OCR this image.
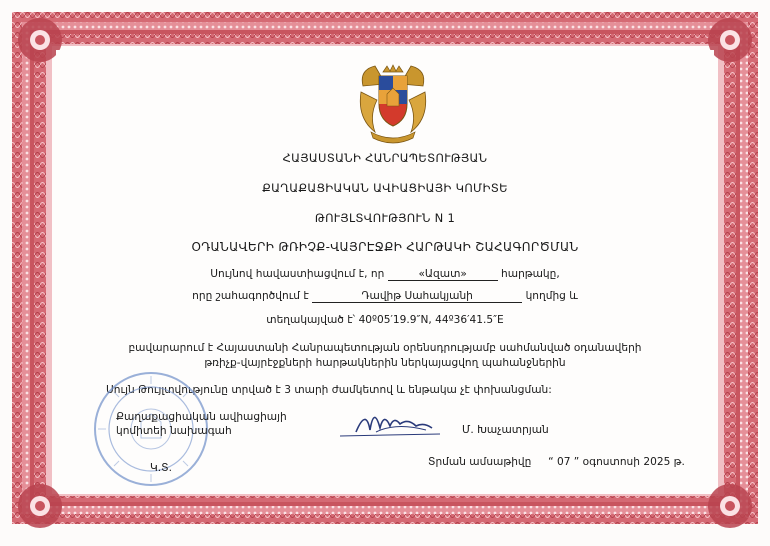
ՀԱՅԱՍՏԱՆԻ ՀԱՆՐԱՊԵՏՈՒԹՅԱՆ
ՔԱՂԱՔԱՑԻԱԿԱՆ ԱՎԻԱՑԻԱՅԻ ԿՈՄԻՏԵ
ԹՈՒՅԼՏՎՈՒԹՅՈՒՆ N 1
ՕԴԱՆԱՎԵՐԻ ԹՌԻՉՔ-ՎԱՅՐԷՋՔԻ ՀԱՐԹԱԿԻ ՇԱՀԱԳՈՐԾՄԱՆ
Սույնով հավաստիացվում է, որ	«Ազատ»	հարթակը,
որը շահագործվում է	Դավիթ Սահակյանի	կողմից և
տեղակայված է՝ 40º05′19.9″N, 44º36′41.5″E
բավարարում է Հայաստանի Հանրապետության օրենսդրությամբ սահմանված օդանավերի
թռիչք-վայրէջքների հարթակներին ներկայացվող պահանջներին
Սույն Թույլտվությունը տրված է 3 տարի ժամկետով և ենթակա չէ փոխանցման:
Քաղաքացիական ավիացիայի
կոմիտեի նախագահ	Մ. Խաչատրյան
Կ.Տ.	Տրման ամսաթիվը “ 07 ” օգոստոսի 2025 թ.
